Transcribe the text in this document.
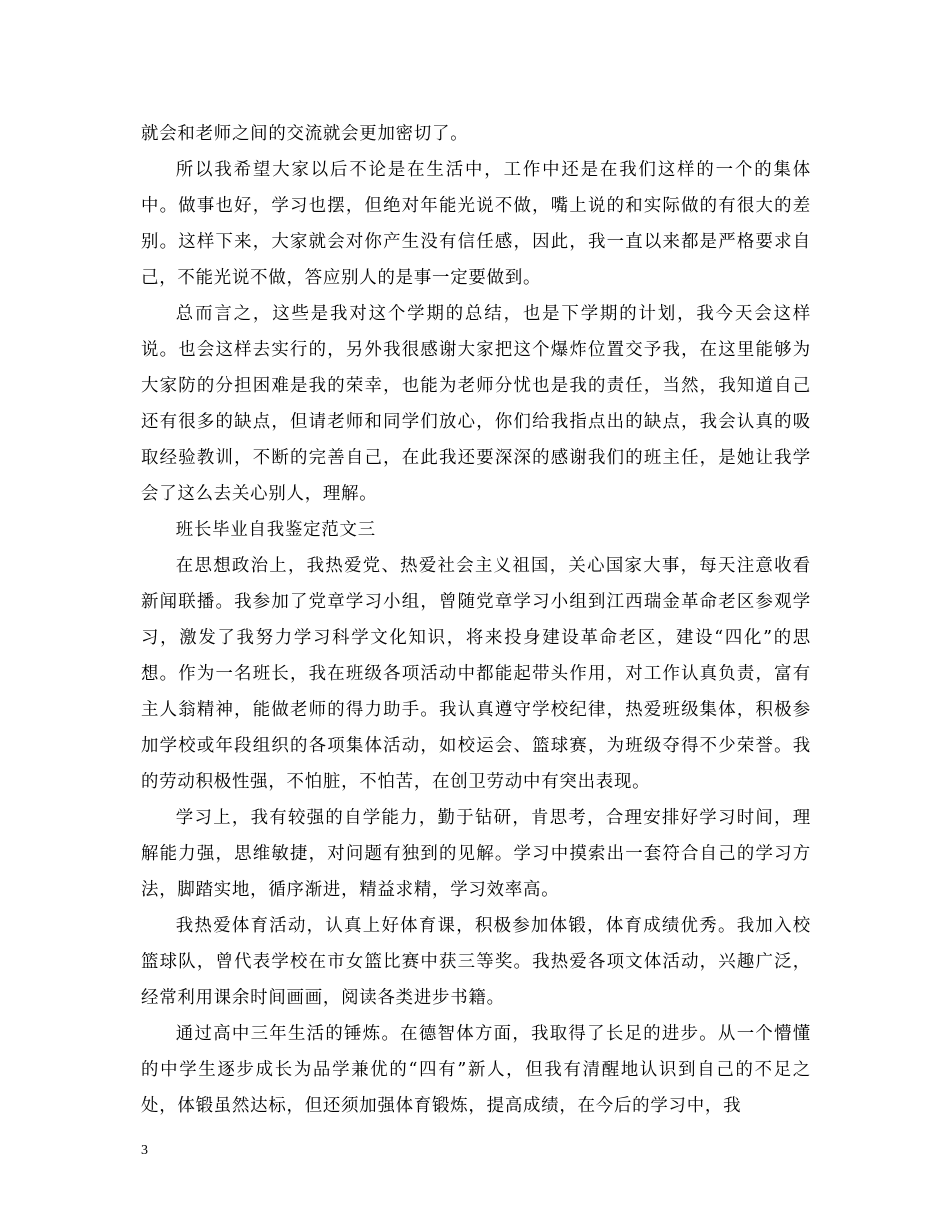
就会和老师之间的交流就会更加密切了。

所以我希望大家以后不论是在生活中，工作中还是在我们这样的一个的集体中。做事也好，学习也摆，但绝对年能光说不做，嘴上说的和实际做的有很大的差别。这样下来，大家就会对你产生没有信任感，因此，我一直以来都是严格要求自己，不能光说不做，答应别人的是事一定要做到。

总而言之，这些是我对这个学期的总结，也是下学期的计划，我今天会这样说。也会这样去实行的，另外我很感谢大家把这个爆炸位置交予我，在这里能够为大家防的分担困难是我的荣幸，也能为老师分忧也是我的责任，当然，我知道自己还有很多的缺点，但请老师和同学们放心，你们给我指点出的缺点，我会认真的吸取经验教训，不断的完善自己，在此我还要深深的感谢我们的班主任，是她让我学会了这么去关心别人，理解。

班长毕业自我鉴定范文三

在思想政治上，我热爱党、热爱社会主义祖国，关心国家大事，每天注意收看新闻联播。我参加了党章学习小组，曾随党章学习小组到江西瑞金革命老区参观学习，激发了我努力学习科学文化知识，将来投身建设革命老区，建设“四化”的思想。作为一名班长，我在班级各项活动中都能起带头作用，对工作认真负责，富有主人翁精神，能做老师的得力助手。我认真遵守学校纪律，热爱班级集体，积极参加学校或年段组织的各项集体活动，如校运会、篮球赛，为班级夺得不少荣誉。我的劳动积极性强，不怕脏，不怕苦，在创卫劳动中有突出表现。

学习上，我有较强的自学能力，勤于钻研，肯思考，合理安排好学习时间，理解能力强，思维敏捷，对问题有独到的见解。学习中摸索出一套符合自己的学习方法，脚踏实地，循序渐进，精益求精，学习效率高。

我热爱体育活动，认真上好体育课，积极参加体锻，体育成绩优秀。我加入校篮球队，曾代表学校在市女篮比赛中获三等奖。我热爱各项文体活动，兴趣广泛，经常利用课余时间画画，阅读各类进步书籍。

通过高中三年生活的锤炼。在德智体方面，我取得了长足的进步。从一个懵懂的中学生逐步成长为品学兼优的“四有”新人，但我有清醒地认识到自己的不足之处，体锻虽然达标，但还须加强体育锻炼，提高成绩，在今后的学习中，我

3
